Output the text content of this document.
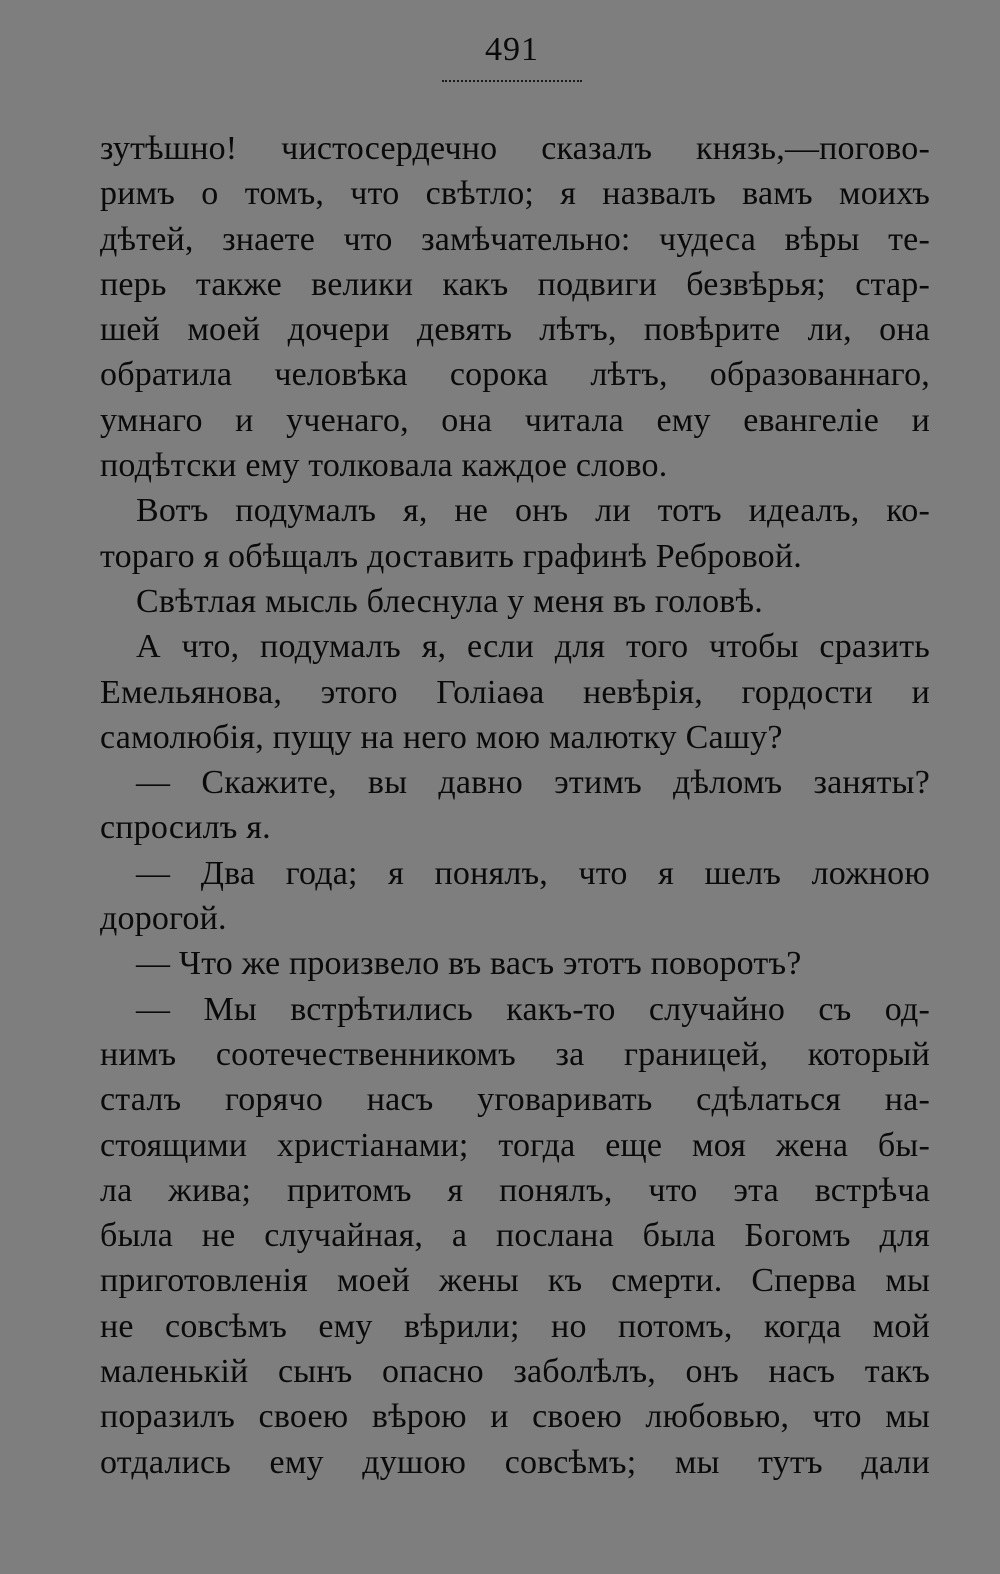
491
зутѣшно! чистосердечно сказалъ князь,—погово-
римъ о томъ, что свѣтло; я назвалъ вамъ моихъ
дѣтей, знаете что замѣчательно: чудеса вѣры те-
перь также велики какъ подвиги безвѣрья; стар-
шей моей дочери девять лѣтъ, повѣрите ли, она
обратила человѣка сорока лѣтъ, образованнаго,
умнаго и ученаго, она читала ему евангеліе и
подѣтски ему толковала каждое слово.
Вотъ подумалъ я, не онъ ли тотъ идеалъ, ко-
тораго я обѣщалъ доставить графинѣ Ребровой.
Свѣтлая мысль блеснула у меня въ головѣ.
А что, подумалъ я, если для того чтобы сразить
Емельянова, этого Голіаѳа невѣрія, гордости и
самолюбія, пущу на него мою малютку Сашу?
— Скажите, вы давно этимъ дѣломъ заняты?
спросилъ я.
— Два года; я понялъ, что я шелъ ложною
дорогой.
— Что же произвело въ васъ этотъ поворотъ?
— Мы встрѣтились какъ-то случайно съ од-
нимъ соотечественникомъ за границей, который
сталъ горячо насъ уговаривать сдѣлаться на-
стоящими христіанами; тогда еще моя жена бы-
ла жива; притомъ я понялъ, что эта встрѣча
была не случайная, а послана была Богомъ для
приготовленія моей жены къ смерти. Сперва мы
не совсѣмъ ему вѣрили; но потомъ, когда мой
маленькій сынъ опасно заболѣлъ, онъ насъ такъ
поразилъ своею вѣрою и своею любовью, что мы
отдались ему душою совсѣмъ; мы тутъ дали
